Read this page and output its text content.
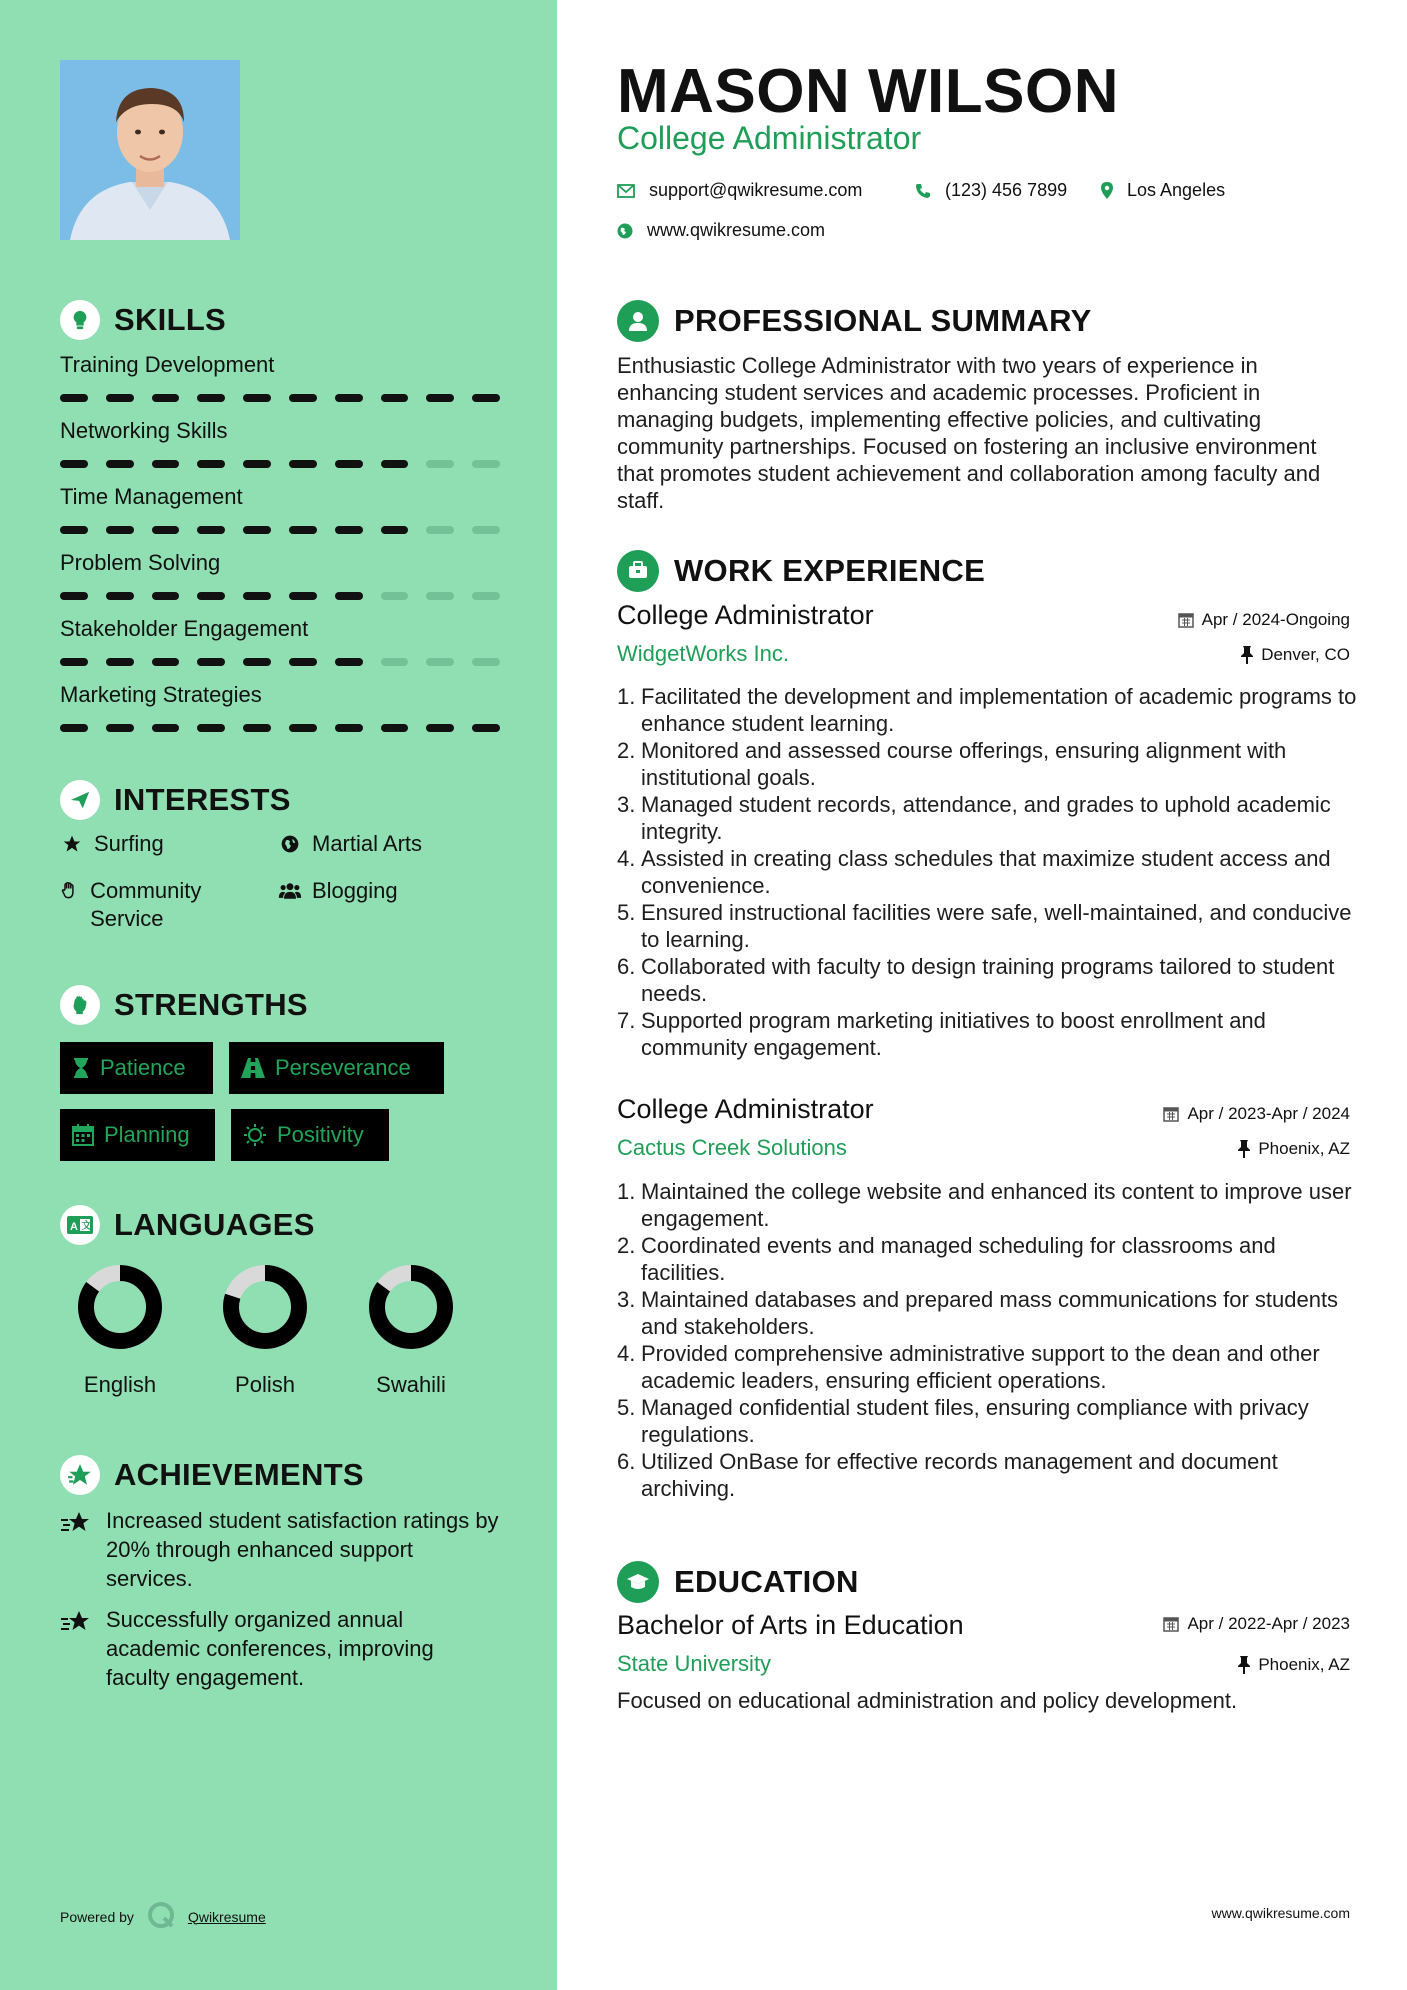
SKILLS
Training Development
Networking Skills
Time Management
Problem Solving
Stakeholder Engagement
Marketing Strategies
INTERESTS
Surfing	Martial Arts
Community Service
Blogging
STRENGTHS
Patience	Perseverance
Planning	Positivity
A 文 LANGUAGES
English	Polish	Swahili
ACHIEVEMENTS
Increased student satisfaction ratings by 20% through enhanced support services.
Successfully organized annual academic conferences, improving faculty engagement.
Powered by	Qwikresume
MASON WILSON
College Administrator
support@qwikresume.com	(123) 456 7899	Los Angeles
www.qwikresume.com
PROFESSIONAL SUMMARY
Enthusiastic College Administrator with two years of experience in enhancing student services and academic processes. Proficient in managing budgets, implementing effective policies, and cultivating community partnerships. Focused on fostering an inclusive environment that promotes student achievement and collaboration among faculty and staff.
WORK EXPERIENCE
College Administrator	Apr / 2024-Ongoing
WidgetWorks Inc.	Denver, CO
1. Facilitated the development and implementation of academic programs to enhance student learning.
2. Monitored and assessed course offerings, ensuring alignment with institutional goals.
3. Managed student records, attendance, and grades to uphold academic integrity.
4. Assisted in creating class schedules that maximize student access and convenience.
5. Ensured instructional facilities were safe, well-maintained, and conducive to learning.
6. Collaborated with faculty to design training programs tailored to student needs.
7. Supported program marketing initiatives to boost enrollment and community engagement.
College Administrator	Apr / 2023-Apr / 2024
Cactus Creek Solutions	Phoenix, AZ
1. Maintained the college website and enhanced its content to improve user engagement.
2. Coordinated events and managed scheduling for classrooms and facilities.
3. Maintained databases and prepared mass communications for students and stakeholders.
4. Provided comprehensive administrative support to the dean and other academic leaders, ensuring efficient operations.
5. Managed confidential student files, ensuring compliance with privacy regulations.
6. Utilized OnBase for effective records management and document archiving.
EDUCATION
Bachelor of Arts in Education	Apr / 2022-Apr / 2023
State University	Phoenix, AZ
Focused on educational administration and policy development.
www.qwikresume.com
